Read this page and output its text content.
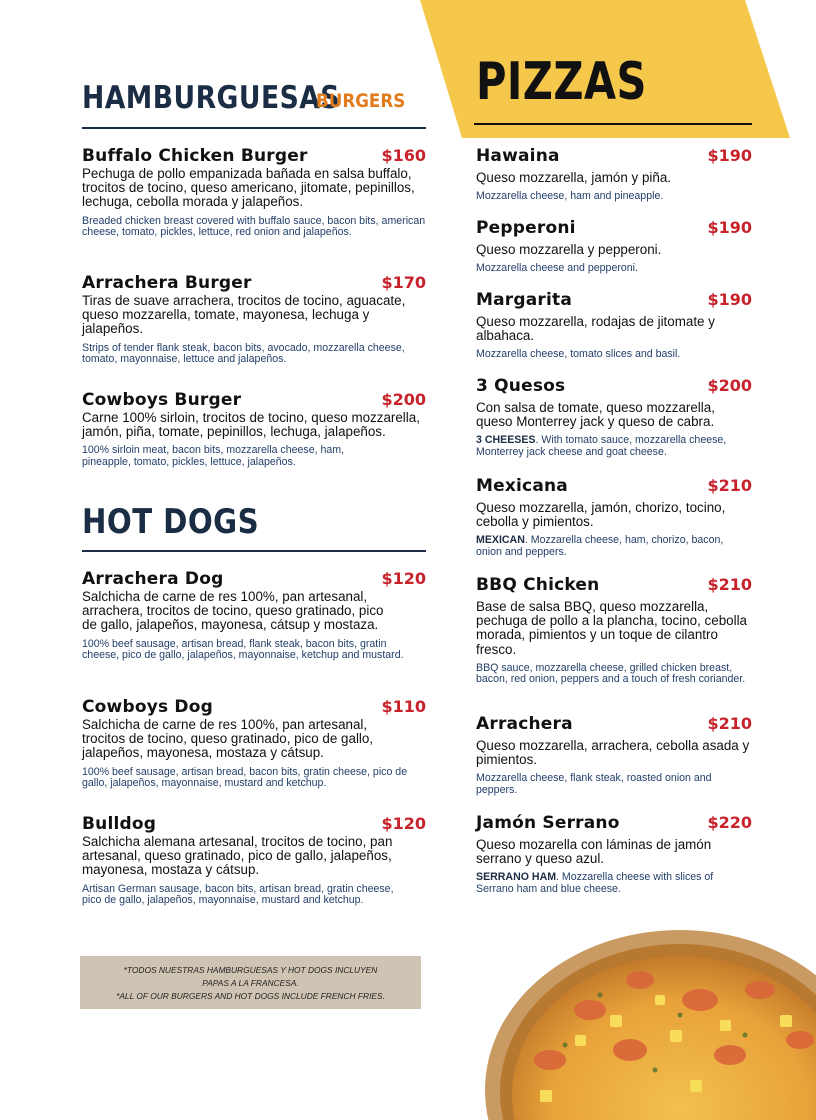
HAMBURGUESAS
BURGERS
Buffalo Chicken Burger	$160
Pechuga de pollo empanizada bañada en salsa buffalo, trocitos de tocino, queso americano, jitomate, pepinillos, lechuga, cebolla morada y jalapeños.
Breaded chicken breast covered with buffalo sauce, bacon bits, american cheese, tomato, pickles, lettuce, red onion and jalapeños.
Arrachera Burger	$170
Tiras de suave arrachera, trocitos de tocino, aguacate, queso mozzarella, tomate, mayonesa, lechuga y jalapeños.
Strips of tender flank steak, bacon bits, avocado, mozzarella cheese, tomato, mayonnaise, lettuce and jalapeños.
Cowboys Burger	$200
Carne 100% sirloin, trocitos de tocino, queso mozzarella, jamón, piña, tomate, pepinillos, lechuga, jalapeños.
100% sirloin meat, bacon bits, mozzarella cheese, ham, pineapple, tomato, pickles, lettuce, jalapeños.
HOT DOGS
Arrachera Dog	$120
Salchicha de carne de res 100%, pan artesanal, arrachera, trocitos de tocino, queso gratinado, pico de gallo, jalapeños, mayonesa, cátsup y mostaza.
100% beef sausage, artisan bread, flank steak, bacon bits, gratin cheese, pico de gallo, jalapeños, mayonnaise, ketchup and mustard.
Cowboys Dog	$110
Salchicha de carne de res 100%, pan artesanal, trocitos de tocino, queso gratinado, pico de gallo, jalapeños, mayonesa, mostaza y cátsup.
100% beef sausage, artisan bread, bacon bits, gratin cheese, pico de gallo, jalapeños, mayonnaise, mustard and ketchup.
Bulldog	$120
Salchicha alemana artesanal, trocitos de tocino, pan artesanal, queso gratinado, pico de gallo, jalapeños, mayonesa, mostaza y cátsup.
Artisan German sausage, bacon bits, artisan bread, gratin cheese, pico de gallo, jalapeños, mayonnaise, mustard and ketchup.
*TODOS NUESTRAS HAMBURGUESAS Y HOT DOGS INCLUYEN
PAPAS A LA FRANCESA.
*ALL OF OUR BURGERS AND HOT DOGS INCLUDE FRENCH FRIES.
PIZZAS
Hawaina	$190
Queso mozzarella, jamón y piña.
Mozzarella cheese, ham and pineapple.
Pepperoni	$190
Queso mozzarella y pepperoni.
Mozzarella cheese and pepperoni.
Margarita	$190
Queso mozzarella, rodajas de jitomate y albahaca.
Mozzarella cheese, tomato slices and basil.
3 Quesos	$200
Con salsa de tomate, queso mozzarella, queso Monterrey jack y queso de cabra.
3 CHEESES. With tomato sauce, mozzarella cheese, Monterrey jack cheese and goat cheese.
Mexicana	$210
Queso mozzarella, jamón, chorizo, tocino, cebolla y pimientos.
MEXICAN. Mozzarella cheese, ham, chorizo, bacon, onion and peppers.
BBQ Chicken	$210
Base de salsa BBQ, queso mozzarella, pechuga de pollo a la plancha, tocino, cebolla morada, pimientos y un toque de cilantro fresco.
BBQ sauce, mozzarella cheese, grilled chicken breast, bacon, red onion, peppers and a touch of fresh coriander.
Arrachera	$210
Queso mozzarella, arrachera, cebolla asada y pimientos.
Mozzarella cheese, flank steak, roasted onion and peppers.
Jamón Serrano	$220
Queso mozarella con láminas de jamón serrano y queso azul.
SERRANO HAM. Mozzarella cheese with slices of Serrano ham and blue cheese.
